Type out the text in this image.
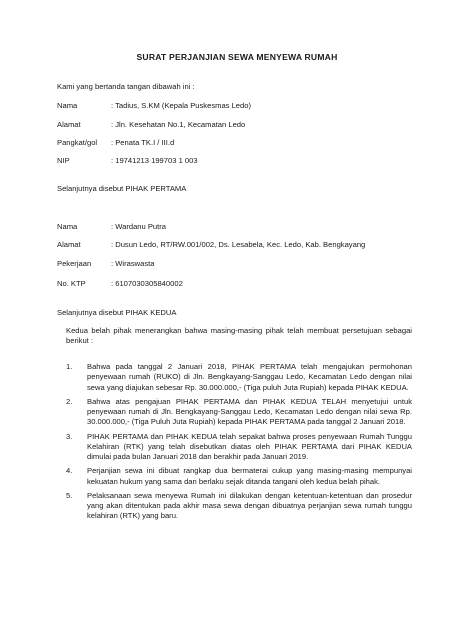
SURAT PERJANJIAN SEWA MENYEWA RUMAH
Kami yang bertanda tangan dibawah ini :
Nama	: Tadius, S.KM (Kepala Puskesmas Ledo)
Alamat	: Jln. Kesehatan No.1, Kecamatan Ledo
Pangkat/gol	: Penata TK.I / III.d
NIP	: 19741213 199703 1 003
Selanjutnya disebut PIHAK PERTAMA
Nama	: Wardanu Putra
Alamat	: Dusun Ledo, RT/RW.001/002, Ds. Lesabela, Kec. Ledo, Kab. Bengkayang
Pekerjaan	: Wiraswasta
No. KTP	: 6107030305840002
Selanjutnya disebut PIHAK KEDUA
Kedua belah pihak menerangkan bahwa masing-masing pihak telah membuat persetujuan sebagai berikut :
1.	Bahwa pada tanggal 2 Januari 2018, PIHAK PERTAMA telah mengajukan permohonan penyewaan rumah (RUKO) di Jln. Bengkayang-Sanggau Ledo, Kecamatan Ledo dengan nilai sewa yang diajukan sebesar Rp. 30.000.000,- (Tiga puluh Juta Rupiah) kepada PIHAK KEDUA.
2.	Bahwa atas pengajuan PIHAK PERTAMA dan PIHAK KEDUA TELAH menyetujui untuk penyewaan rumah di Jln. Bengkayang-Sanggau Ledo, Kecamatan Ledo dengan nilai sewa Rp. 30.000.000,- (Tiga Puluh Juta Rupiah) kepada PIHAK PERTAMA pada tanggal 2 Januari 2018.
3.	PIHAK PERTAMA dan PIHAK KEDUA telah sepakat bahwa proses penyewaan Rumah Tunggu Kelahiran (RTK) yang telah disebutkan diatas oleh PIHAK PERTAMA dari PIHAK KEDUA dimulai pada bulan Januari 2018 dan berakhir pada Januari 2019.
4.	Perjanjian sewa ini dibuat rangkap dua bermaterai cukup yang masing-masing mempunyai kekuatan hukum yang sama dan berlaku sejak ditanda tangani oleh kedua belah pihak.
5.	Pelaksanaan sewa menyewa Rumah ini dilakukan dengan ketentuan-ketentuan dan prosedur yang akan ditentukan pada akhir masa sewa dengan dibuatnya perjanjian sewa rumah tunggu kelahiran (RTK) yang baru.
